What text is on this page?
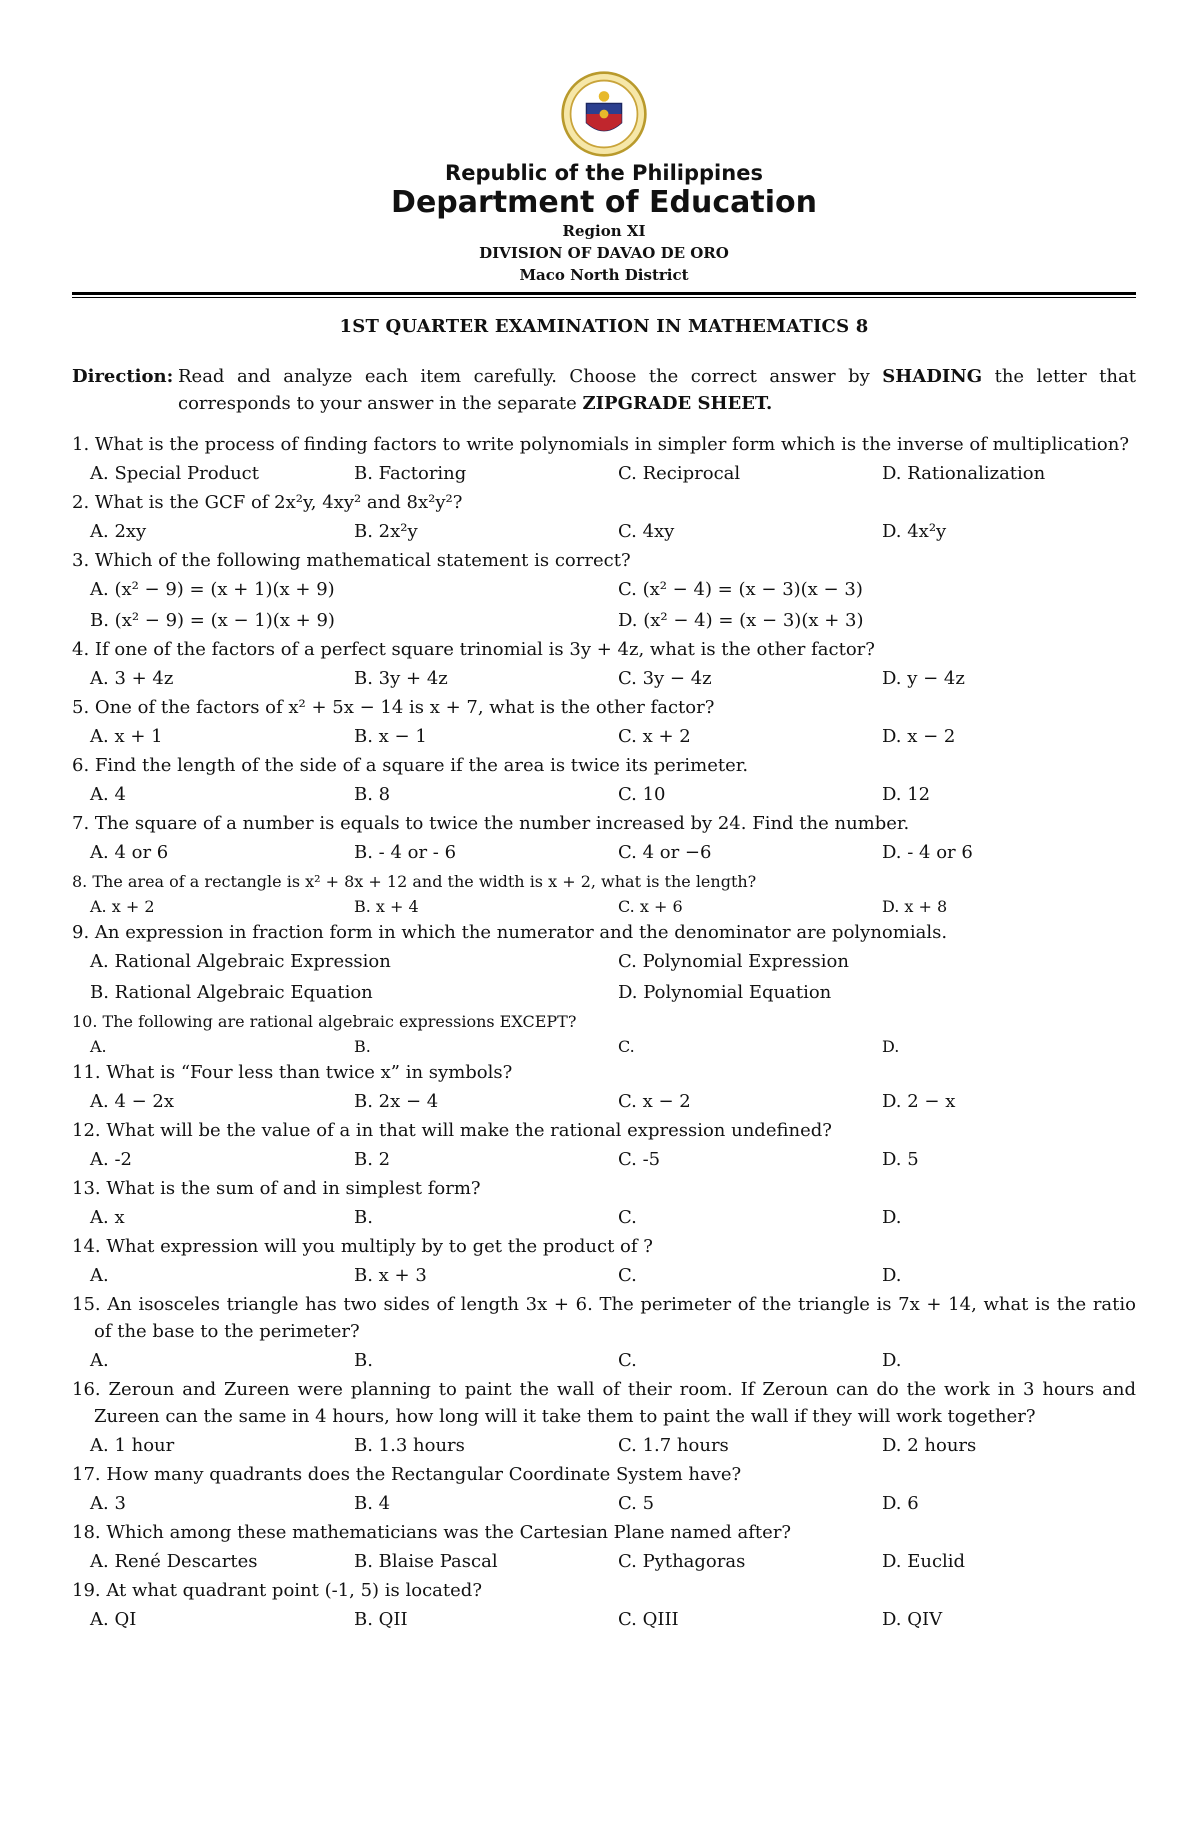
Republic of the Philippines
Department of Education
Region XI
DIVISION OF DAVAO DE ORO
Maco North District
1ST QUARTER EXAMINATION IN MATHEMATICS 8
Direction: Read and analyze each item carefully. Choose the correct answer by SHADING the letter that corresponds to your answer in the separate ZIPGRADE SHEET.
1. What is the process of finding factors to write polynomials in simpler form which is the inverse of multiplication?
A. Special Product	B. Factoring	C. Reciprocal	D. Rationalization
2. What is the GCF of 2x²y, 4xy² and 8x²y²?
A. 2xy	B. 2x²y	C. 4xy	D. 4x²y
3. Which of the following mathematical statement is correct?
A. (x² − 9) = (x + 1)(x + 9)	C. (x² − 4) = (x − 3)(x − 3)
B. (x² − 9) = (x − 1)(x + 9)	D. (x² − 4) = (x − 3)(x + 3)
4. If one of the factors of a perfect square trinomial is 3y + 4z, what is the other factor?
A. 3 + 4z	B. 3y + 4z	C. 3y − 4z	D. y − 4z
5. One of the factors of x² + 5x − 14 is x + 7, what is the other factor?
A. x + 1	B. x − 1	C. x + 2	D. x − 2
6. Find the length of the side of a square if the area is twice its perimeter.
A. 4	B. 8	C. 10	D. 12
7. The square of a number is equals to twice the number increased by 24. Find the number.
A. 4 or 6	B. - 4 or - 6	C. 4 or −6	D. - 4 or 6
8. The area of a rectangle is x² + 8x + 12 and the width is x + 2, what is the length?
A. x + 2	B. x + 4	C. x + 6	D. x + 8
9. An expression in fraction form in which the numerator and the denominator are polynomials.
A. Rational Algebraic Expression	C. Polynomial Expression
B. Rational Algebraic Equation	D. Polynomial Equation
10. The following are rational algebraic expressions EXCEPT?
A.	B.	C.	D.
11. What is “Four less than twice x” in symbols?
A. 4 − 2x	B. 2x − 4	C. x − 2	D. 2 − x
12. What will be the value of a in that will make the rational expression undefined?
A. -2	B. 2	C. -5	D. 5
13. What is the sum of and in simplest form?
A. x	B.	C.	D.
14. What expression will you multiply by to get the product of ?
A.	B. x + 3	C.	D.
15. An isosceles triangle has two sides of length 3x + 6. The perimeter of the triangle is 7x + 14, what is the ratio of the base to the perimeter?
A.	B.	C.	D.
16. Zeroun and Zureen were planning to paint the wall of their room. If Zeroun can do the work in 3 hours and Zureen can the same in 4 hours, how long will it take them to paint the wall if they will work together?
A. 1 hour	B. 1.3 hours	C. 1.7 hours	D. 2 hours
17. How many quadrants does the Rectangular Coordinate System have?
A. 3	B. 4	C. 5	D. 6
18. Which among these mathematicians was the Cartesian Plane named after?
A. René Descartes	B. Blaise Pascal	C. Pythagoras	D. Euclid
19. At what quadrant point (-1, 5) is located?
A. QI	B. QII	C. QIII	D. QIV
